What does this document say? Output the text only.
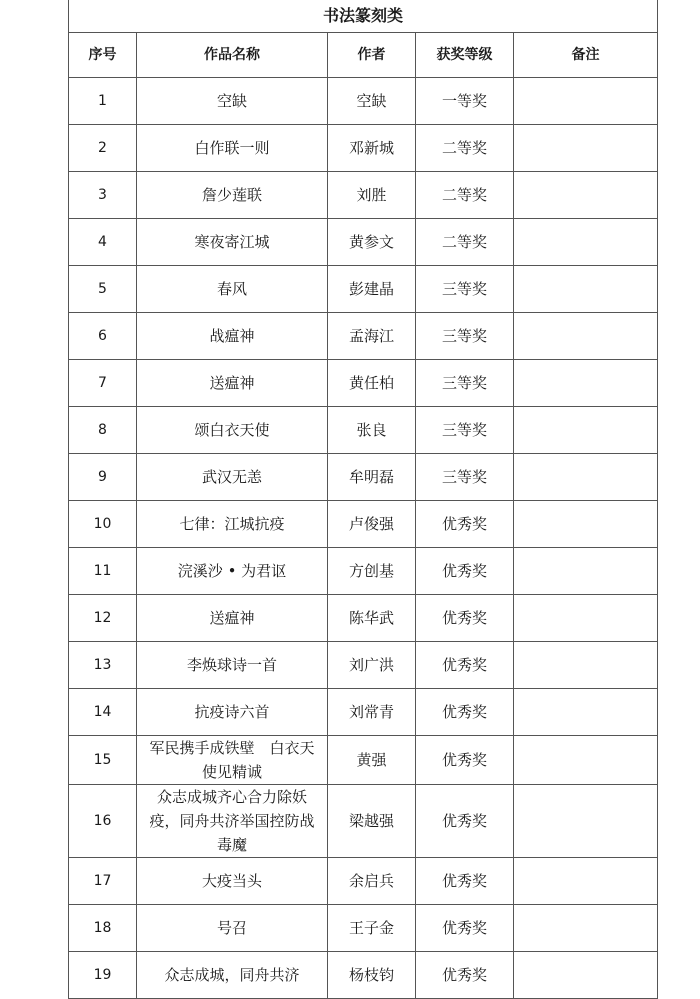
书法篆刻类				
序号	作品名称	作者	获奖等级	备注
1	空缺	空缺	一等奖	
2	白作联一则	邓新城	二等奖	
3	詹少莲联	刘胜	二等奖	
4	寒夜寄江城	黄参文	二等奖	
5	春风	彭建晶	三等奖	
6	战瘟神	孟海江	三等奖	
7	送瘟神	黄任柏	三等奖	
8	颂白衣天使	张良	三等奖	
9	武汉无恙	牟明磊	三等奖	
10	七律：江城抗疫	卢俊强	优秀奖	
11	浣溪沙 • 为君讴	方创基	优秀奖	
12	送瘟神	陈华武	优秀奖	
13	李焕球诗一首	刘广洪	优秀奖	
14	抗疫诗六首	刘常青	优秀奖	
15	军民携手成铁壁　白衣天使见精诚	黄强	优秀奖	
16	众志成城齐心合力除妖疫，同舟共济举国控防战毒魔	梁越强	优秀奖	
17	大疫当头	余启兵	优秀奖	
18	号召	王子金	优秀奖	
19	众志成城，同舟共济	杨枝钧	优秀奖	
